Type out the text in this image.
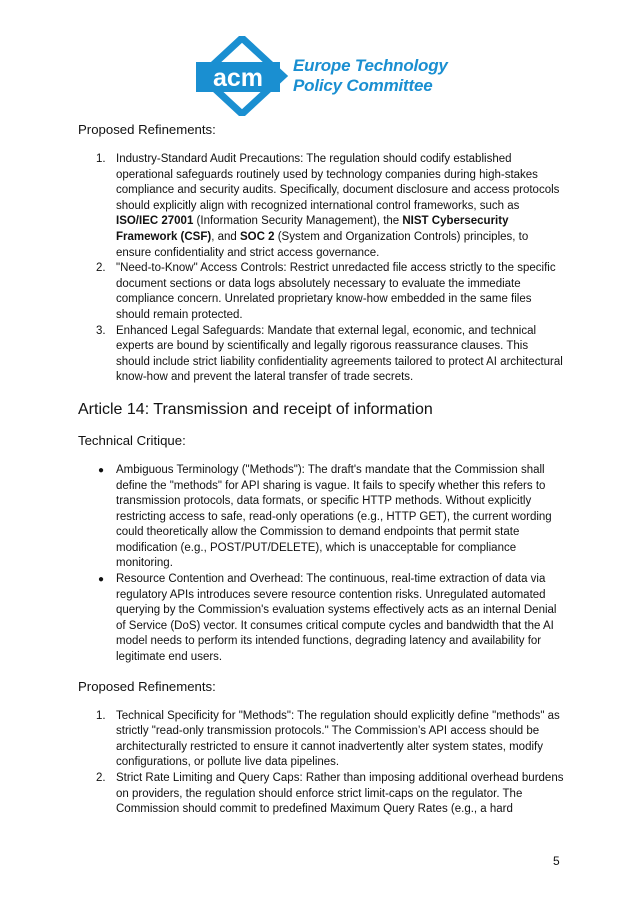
acm Europe Technology
Policy Committee

Proposed Refinements:

1. Industry-Standard Audit Precautions: The regulation should codify established operational safeguards routinely used by technology companies during high-stakes compliance and security audits. Specifically, document disclosure and access protocols should explicitly align with recognized international control frameworks, such as ISO/IEC 27001 (Information Security Management), the NIST Cybersecurity Framework (CSF), and SOC 2 (System and Organization Controls) principles, to ensure confidentiality and strict access governance.
2. "Need-to-Know" Access Controls: Restrict unredacted file access strictly to the specific document sections or data logs absolutely necessary to evaluate the immediate compliance concern. Unrelated proprietary know-how embedded in the same files should remain protected.
3. Enhanced Legal Safeguards: Mandate that external legal, economic, and technical experts are bound by scientifically and legally rigorous reassurance clauses. This should include strict liability confidentiality agreements tailored to protect AI architectural know-how and prevent the lateral transfer of trade secrets.
Article 14: Transmission and receipt of information

Technical Critique:

● Ambiguous Terminology ("Methods"): The draft's mandate that the Commission shall define the "methods" for API sharing is vague. It fails to specify whether this refers to transmission protocols, data formats, or specific HTTP methods. Without explicitly restricting access to safe, read-only operations (e.g., HTTP GET), the current wording could theoretically allow the Commission to demand endpoints that permit state modification (e.g., POST/PUT/DELETE), which is unacceptable for compliance monitoring.
● Resource Contention and Overhead: The continuous, real-time extraction of data via regulatory APIs introduces severe resource contention risks. Unregulated automated querying by the Commission's evaluation systems effectively acts as an internal Denial of Service (DoS) vector. It consumes critical compute cycles and bandwidth that the AI model needs to perform its intended functions, degrading latency and availability for legitimate end users.

Proposed Refinements:

1. Technical Specificity for "Methods": The regulation should explicitly define "methods" as strictly "read-only transmission protocols." The Commission’s API access should be architecturally restricted to ensure it cannot inadvertently alter system states, modify configurations, or pollute live data pipelines.
2. Strict Rate Limiting and Query Caps: Rather than imposing additional overhead burdens on providers, the regulation should enforce strict limit-caps on the regulator. The Commission should commit to predefined Maximum Query Rates (e.g., a hard
5
